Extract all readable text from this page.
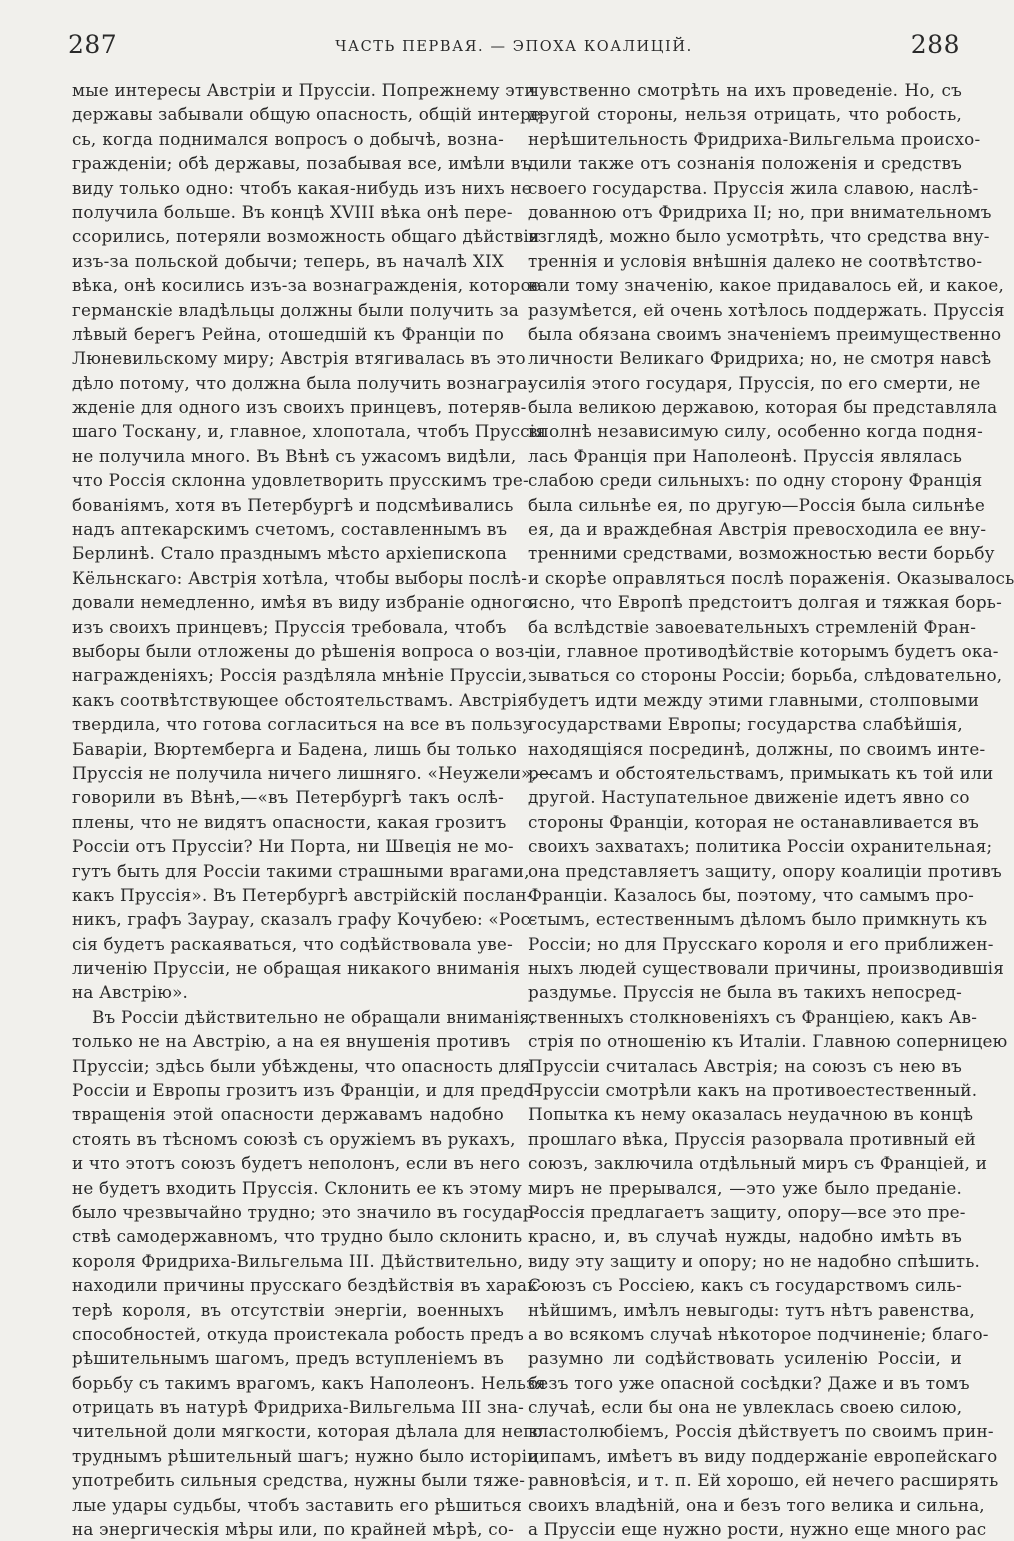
287	ЧАСТЬ ПЕРВАЯ. — ЭПОХА КОАЛИЦІЙ.	288
мые интересы Австріи и Пруссіи. Попрежнему эти
державы забывали общую опасность, общій интере-
сь, когда поднимался вопросъ о добычѣ, возна-
гражденіи; обѣ державы, позабывая все, имѣли въ
виду только одно: чтобъ какая-нибудь изъ нихъ не
получила больше. Въ концѣ XVIII вѣка онѣ пере-
ссорились, потеряли возможность общаго дѣйствія
изъ-за польской добычи; теперь, въ началѣ XIX
вѣка, онѣ косились изъ-за вознагражденія, которое
германскіе владѣльцы должны были получить за
лѣвый берегъ Рейна, отошедшій къ Франціи по
Люневильскому миру; Австрія втягивалась въ это
дѣло потому, что должна была получить вознагра-
жденіе для одного изъ своихъ принцевъ, потеряв-
шаго Тоскану, и, главное, хлопотала, чтобъ Пруссія
не получила много. Въ Вѣнѣ съ ужасомъ видѣли,
что Россія склонна удовлетворить прусскимъ тре-
бованіямъ, хотя въ Петербургѣ и подсмѣивались
надъ аптекарскимъ счетомъ, составленнымъ въ
Берлинѣ. Стало празднымъ мѣсто архіепископа
Кёльнскаго: Австрія хотѣла, чтобы выборы послѣ-
довали немедленно, имѣя въ виду избраніе одного
изъ своихъ принцевъ; Пруссія требовала, чтобъ
выборы были отложены до рѣшенія вопроса о воз-
награжденіяхъ; Россія раздѣляла мнѣніе Пруссіи,
какъ соотвѣтствующее обстоятельствамъ. Австрія
твердила, что готова согласиться на все въ пользу
Баваріи, Вюртемберга и Бадена, лишь бы только
Пруссія не получила ничего лишняго. «Неужели»,—
говорили въ Вѣнѣ,—«въ Петербургѣ такъ ослѣ-
плены, что не видятъ опасности, какая грозитъ
Россіи отъ Пруссіи? Ни Порта, ни Швеція не мо-
гутъ быть для Россіи такими страшными врагами,
какъ Пруссія». Въ Петербургѣ австрійскій послан-
никъ, графъ Заурау, сказалъ графу Кочубею: «Рос-
сія будетъ раскаяваться, что содѣйствовала уве-
личенію Пруссіи, не обращая никакого вниманія
на Австрію».
Въ Россіи дѣйствительно не обращали вниманія,
только не на Австрію, а на ея внушенія противъ
Пруссіи; здѣсь были убѣждены, что опасность для
Россіи и Европы грозитъ изъ Франціи, и для предо-
твращенія этой опасности державамъ надобно
стоять въ тѣсномъ союзѣ съ оружіемъ въ рукахъ,
и что этотъ союзъ будетъ неполонъ, если въ него
не будетъ входить Пруссія. Склонить ее къ этому
было чрезвычайно трудно; это значило въ государ-
ствѣ самодержавномъ, что трудно было склонить
короля Фридриха-Вильгельма III. Дѣйствительно,
находили причины прусскаго бездѣйствія въ харак-
терѣ короля, въ отсутствіи энергіи, военныхъ
способностей, откуда проистекала робость предъ
рѣшительнымъ шагомъ, предъ вступленіемъ въ
борьбу съ такимъ врагомъ, какъ Наполеонъ. Нельзя
отрицать въ натурѣ Фридриха-Вильгельма III зна-
чительной доли мягкости, которая дѣлала для него
труднымъ рѣшительный шагъ; нужно было исторіи
употребить сильныя средства, нужны были тяже-
лые удары судьбы, чтобъ заставить его рѣшиться
на энергическія мѣры или, по крайней мѣрѣ, со-
чувственно смотрѣть на ихъ проведеніе. Но, съ
другой стороны, нельзя отрицать, что робость,
нерѣшительность Фридриха-Вильгельма происхо-
дили также отъ сознанія положенія и средствъ
своего государства. Пруссія жила славою, наслѣ-
дованною отъ Фридриха II; но, при внимательномъ
взглядѣ, можно было усмотрѣть, что средства вну-
треннія и условія внѣшнія далеко не соотвѣтство-
вали тому значенію, какое придавалось ей, и какое,
разумѣется, ей очень хотѣлось поддержать. Пруссія
была обязана своимъ значеніемъ преимущественно
личности Великаго Фридриха; но, не смотря навсѣ
усилія этого государя, Пруссія, по его смерти, не
была великою державою, которая бы представляла
вполнѣ независимую силу, особенно когда подня-
лась Франція при Наполеонѣ. Пруссія являлась
слабою среди сильныхъ: по одну сторону Франція
была сильнѣе ея, по другую—Россія была сильнѣе
ея, да и враждебная Австрія превосходила ее вну-
тренними средствами, возможностью вести борьбу
и скорѣе оправляться послѣ пораженія. Оказывалось
ясно, что Европѣ предстоитъ долгая и тяжкая борь-
ба вслѣдствіе завоевательныхъ стремленій Фран-
ціи, главное противодѣйствіе которымъ будетъ ока-
зываться со стороны Россіи; борьба, слѣдовательно,
будетъ идти между этими главными, столповыми
государствами Европы; государства слабѣйшія,
находящіяся посрединѣ, должны, по своимъ инте-
ресамъ и обстоятельствамъ, примыкать къ той или
другой. Наступательное движеніе идетъ явно со
стороны Франціи, которая не останавливается въ
своихъ захватахъ; политика Россіи охранительная;
она представляетъ защиту, опору коалиціи противъ
Франціи. Казалось бы, поэтому, что самымъ про-
стымъ, естественнымъ дѣломъ было примкнуть къ
Россіи; но для Прусскаго короля и его приближен-
ныхъ людей существовали причины, производившія
раздумье. Пруссія не была въ такихъ непосред-
ственныхъ столкновеніяхъ съ Франціею, какъ Ав-
стрія по отношенію къ Италіи. Главною соперницею
Пруссіи считалась Австрія; на союзъ съ нею въ
Пруссіи смотрѣли какъ на противоестественный.
Попытка къ нему оказалась неудачною въ концѣ
прошлаго вѣка, Пруссія разорвала противный ей
союзъ, заключила отдѣльный миръ съ Франціей, и
миръ не прерывался, —это уже было преданіе.
Россія предлагаетъ защиту, опору—все это пре-
красно, и, въ случаѣ нужды, надобно имѣть въ
виду эту защиту и опору; но не надобно спѣшить.
Союзъ съ Россіею, какъ съ государствомъ силь-
нѣйшимъ, имѣлъ невыгоды: тутъ нѣтъ равенства,
а во всякомъ случаѣ нѣкоторое подчиненіе; благо-
разумно ли содѣйствовать усиленію Россіи, и
безъ того уже опасной сосѣдки? Даже и въ томъ
случаѣ, если бы она не увлеклась своею силою,
властолюбіемъ, Россія дѣйствуетъ по своимъ прин-
ципамъ, имѣетъ въ виду поддержаніе европейскаго
равновѣсія, и т. п. Ей хорошо, ей нечего расширять
своихъ владѣній, она и безъ того велика и сильна,
а Пруссіи еще нужно рости, нужно еще много рас
